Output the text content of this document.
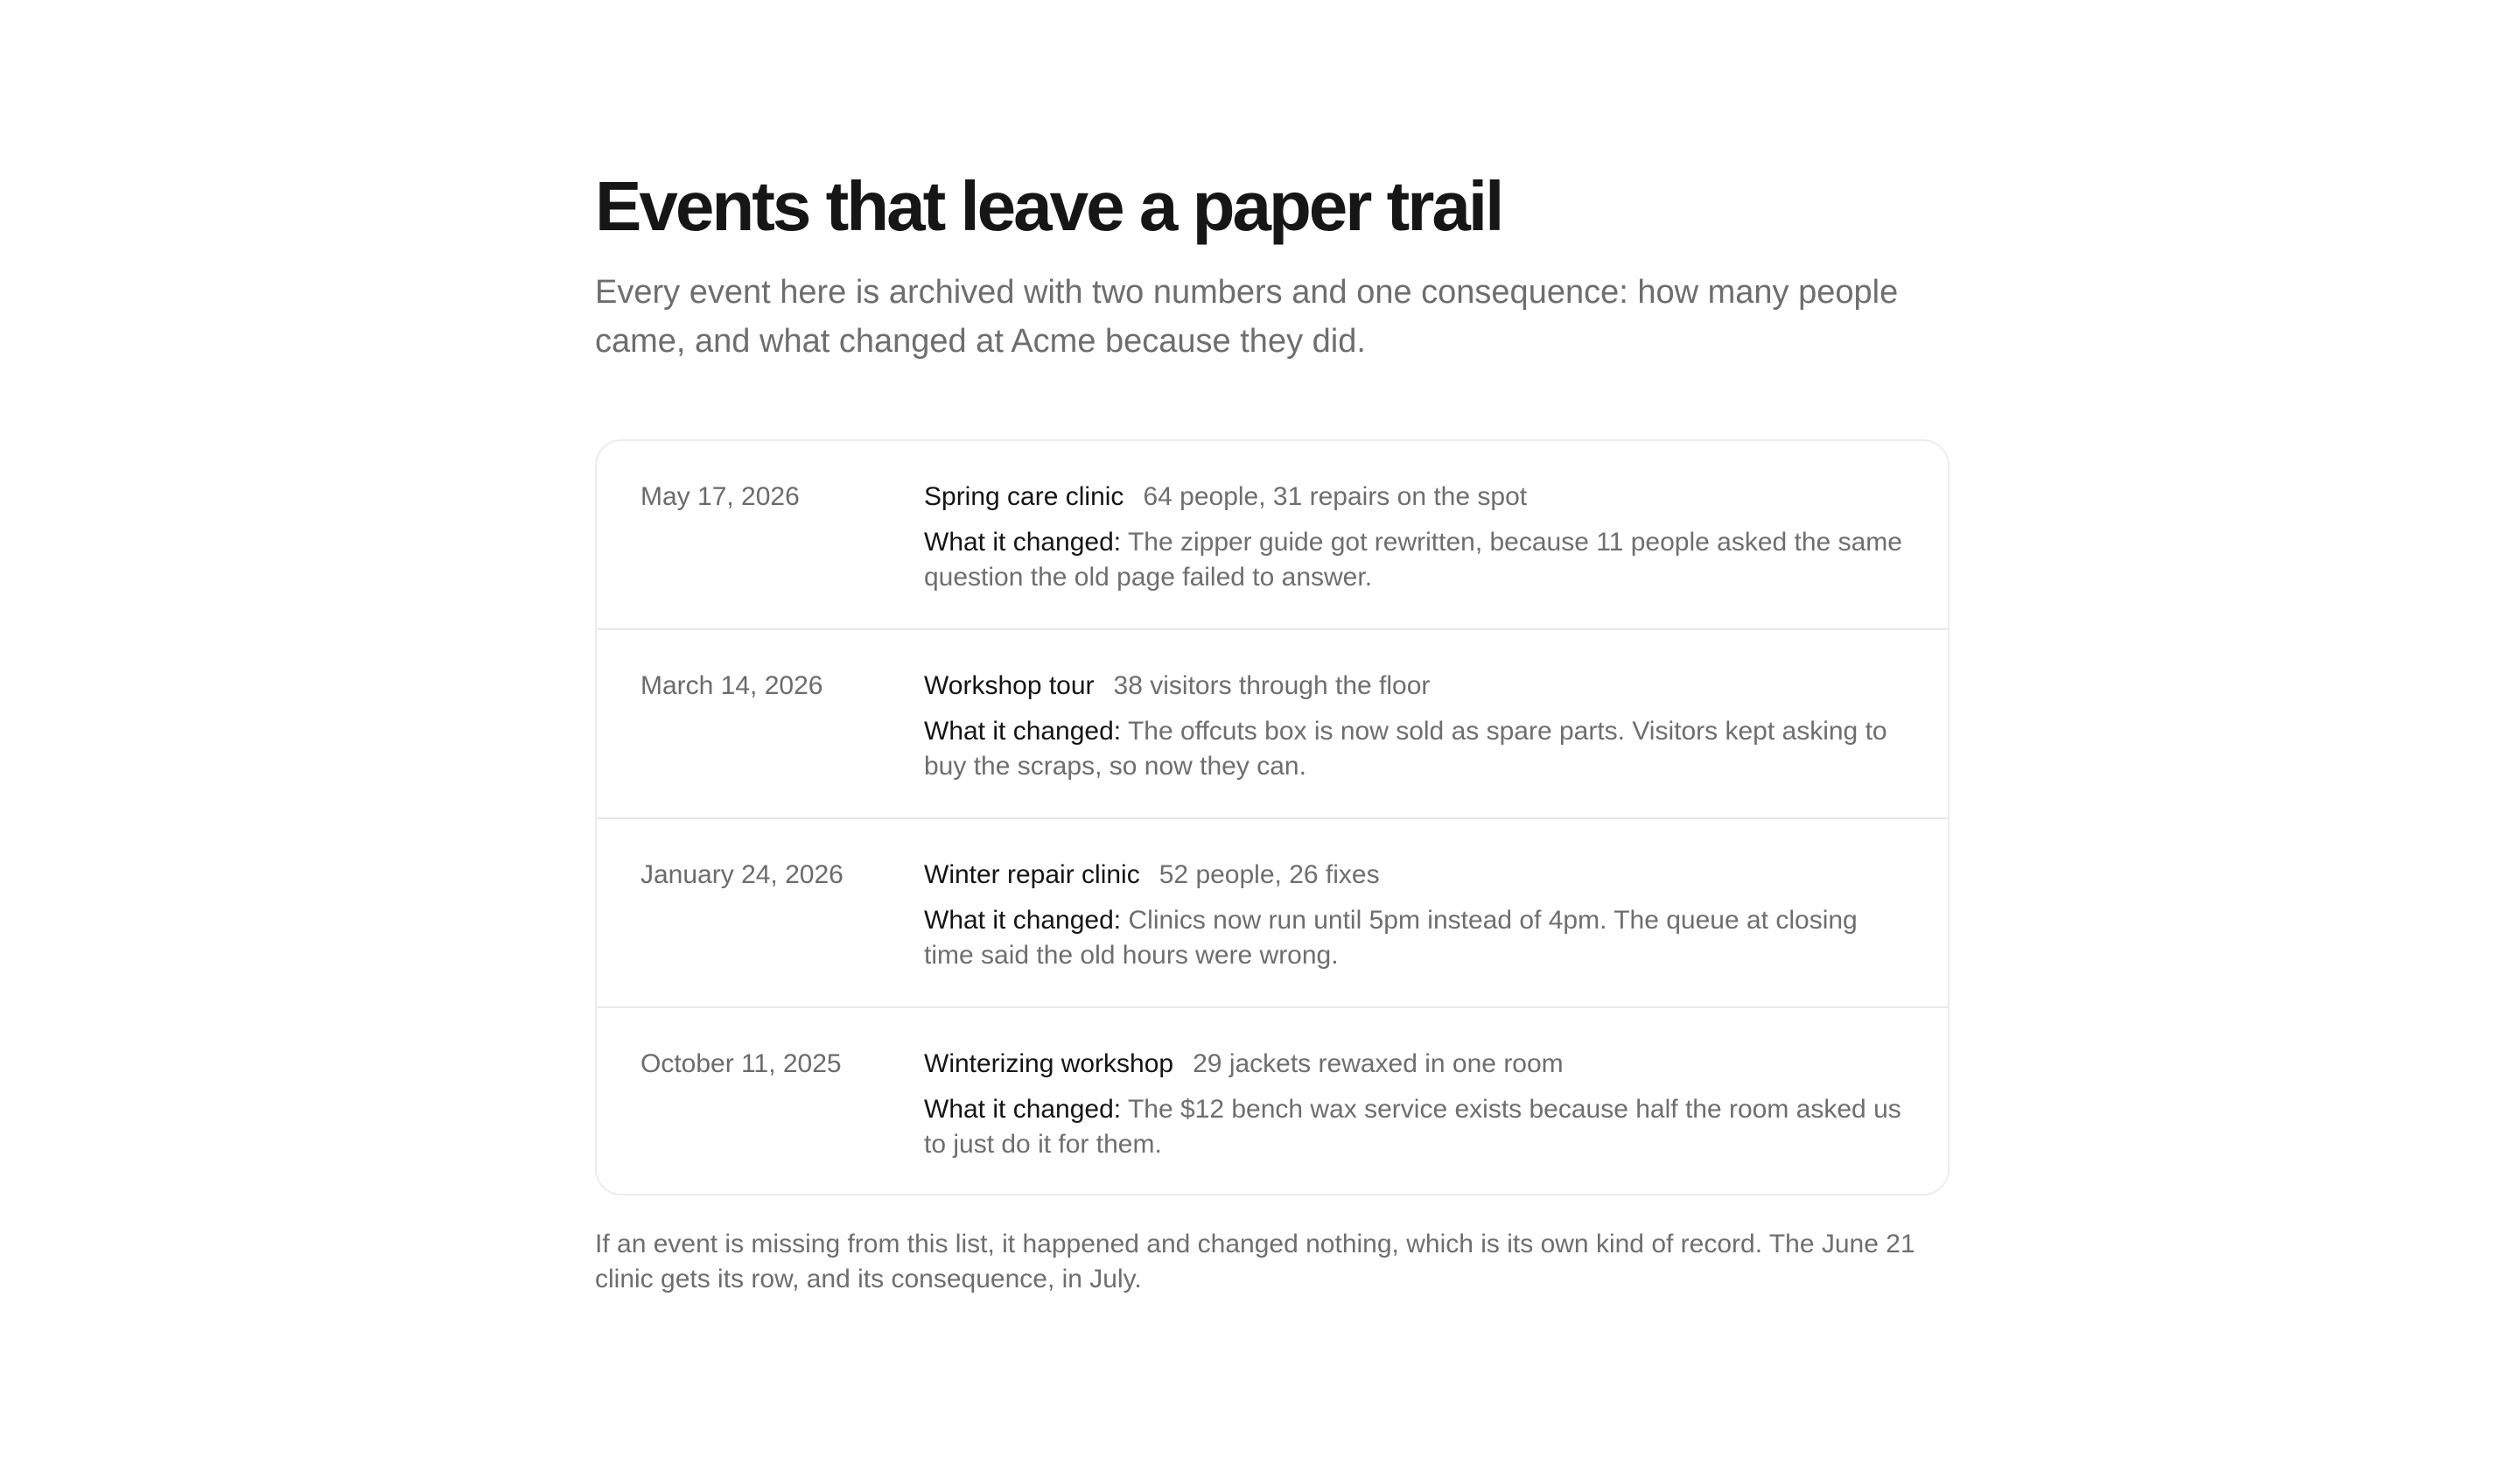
Events that leave a paper trail

Every event here is archived with two numbers and one consequence: how many people came, and what changed at Acme because they did.

May 17, 2026	Spring care clinic 64 people, 31 repairs on the spot
What it changed: The zipper guide got rewritten, because 11 people asked the same question the old page failed to answer.
March 14, 2026	Workshop tour 38 visitors through the floor
What it changed: The offcuts box is now sold as spare parts. Visitors kept asking to buy the scraps, so now they can.
January 24, 2026	Winter repair clinic 52 people, 26 fixes
What it changed: Clinics now run until 5pm instead of 4pm. The queue at closing time said the old hours were wrong.
October 11, 2025	Winterizing workshop 29 jackets rewaxed in one room
What it changed: The $12 bench wax service exists because half the room asked us to just do it for them.

If an event is missing from this list, it happened and changed nothing, which is its own kind of record. The June 21 clinic gets its row, and its consequence, in July.
